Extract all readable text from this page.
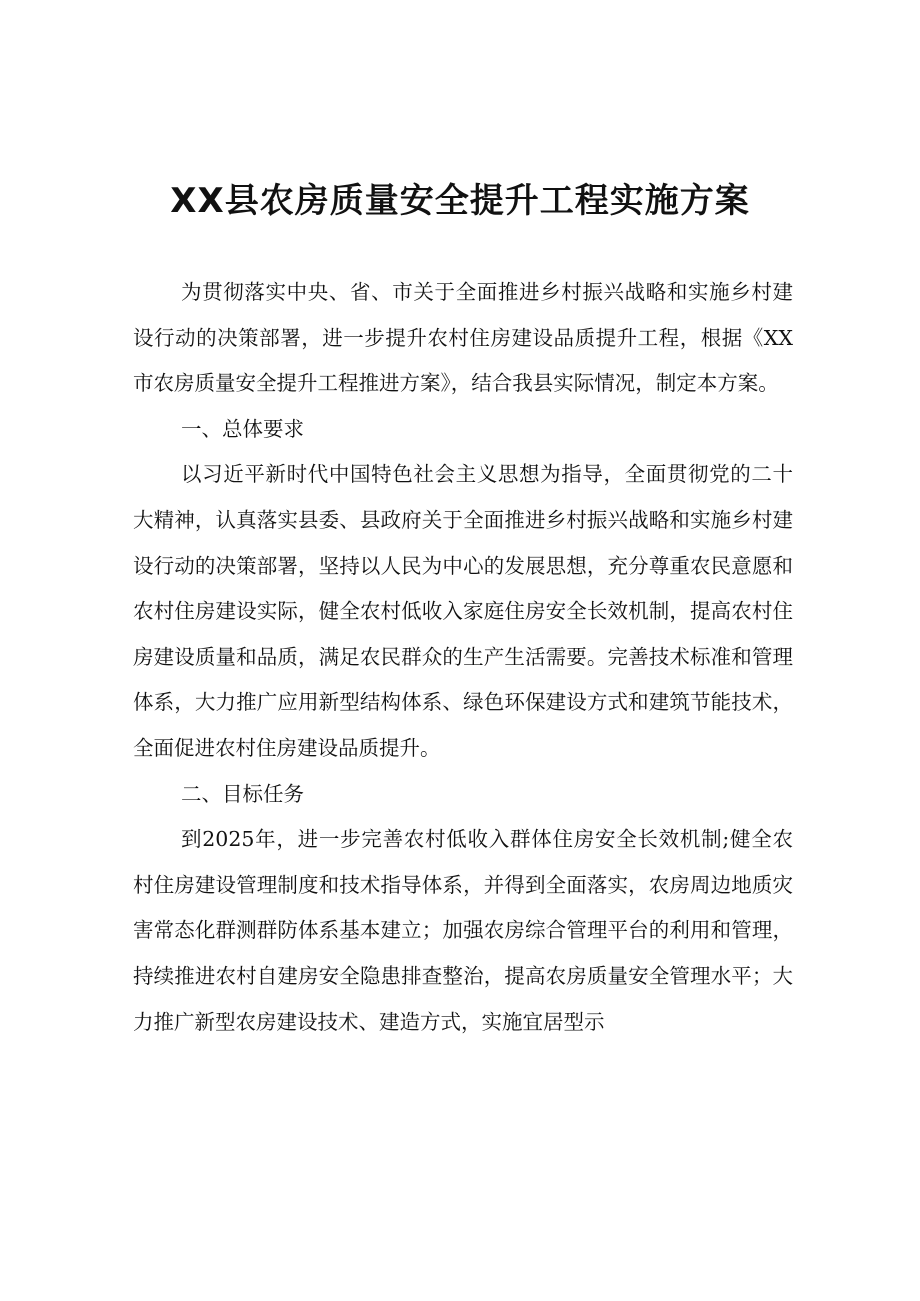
XX县农房质量安全提升工程实施方案

为贯彻落实中央、省、市关于全面推进乡村振兴战略和实施乡村建设行动的决策部署，进一步提升农村住房建设品质提升工程，根据《XX市农房质量安全提升工程推进方案》，结合我县实际情况，制定本方案。

一、总体要求

以习近平新时代中国特色社会主义思想为指导，全面贯彻党的二十大精神，认真落实县委、县政府关于全面推进乡村振兴战略和实施乡村建设行动的决策部署，坚持以人民为中心的发展思想，充分尊重农民意愿和农村住房建设实际，健全农村低收入家庭住房安全长效机制，提高农村住房建设质量和品质，满足农民群众的生产生活需要。完善技术标准和管理体系，大力推广应用新型结构体系、绿色环保建设方式和建筑节能技术，全面促进农村住房建设品质提升。

二、目标任务

到2025年，进一步完善农村低收入群体住房安全长效机制;健全农村住房建设管理制度和技术指导体系，并得到全面落实，农房周边地质灾害常态化群测群防体系基本建立；加强农房综合管理平台的利用和管理，持续推进农村自建房安全隐患排查整治，提高农房质量安全管理水平；大力推广新型农房建设技术、建造方式，实施宜居型示
